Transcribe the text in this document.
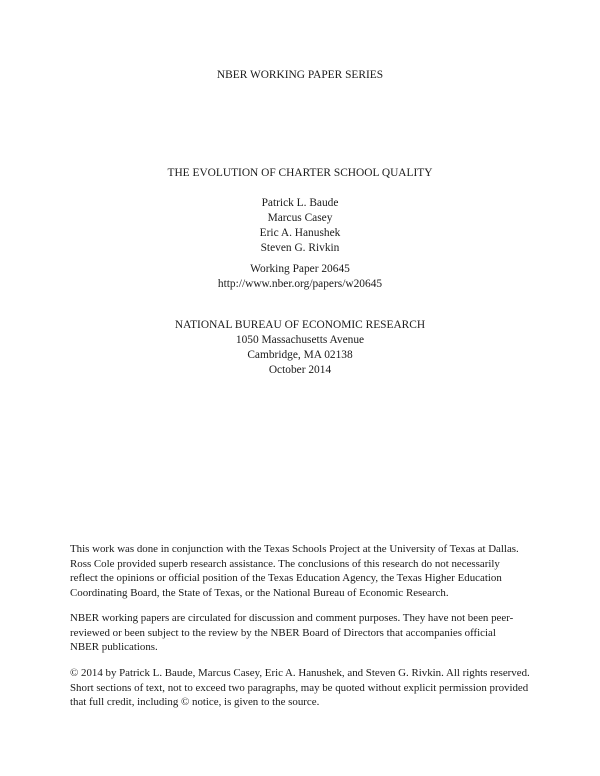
NBER WORKING PAPER SERIES
THE EVOLUTION OF CHARTER SCHOOL QUALITY
Patrick L. Baude
Marcus Casey
Eric A. Hanushek
Steven G. Rivkin
Working Paper 20645
http://www.nber.org/papers/w20645
NATIONAL BUREAU OF ECONOMIC RESEARCH
1050 Massachusetts Avenue
Cambridge, MA 02138
October 2014

This work was done in conjunction with the Texas Schools Project at the University of Texas at Dallas.
Ross Cole provided superb research assistance. The conclusions of this research do not necessarily
reflect the opinions or official position of the Texas Education Agency, the Texas Higher Education
Coordinating Board, the State of Texas, or the National Bureau of Economic Research.

NBER working papers are circulated for discussion and comment purposes. They have not been peer-
reviewed or been subject to the review by the NBER Board of Directors that accompanies official
NBER publications.

© 2014 by Patrick L. Baude, Marcus Casey, Eric A. Hanushek, and Steven G. Rivkin. All rights reserved.
Short sections of text, not to exceed two paragraphs, may be quoted without explicit permission provided
that full credit, including © notice, is given to the source.
